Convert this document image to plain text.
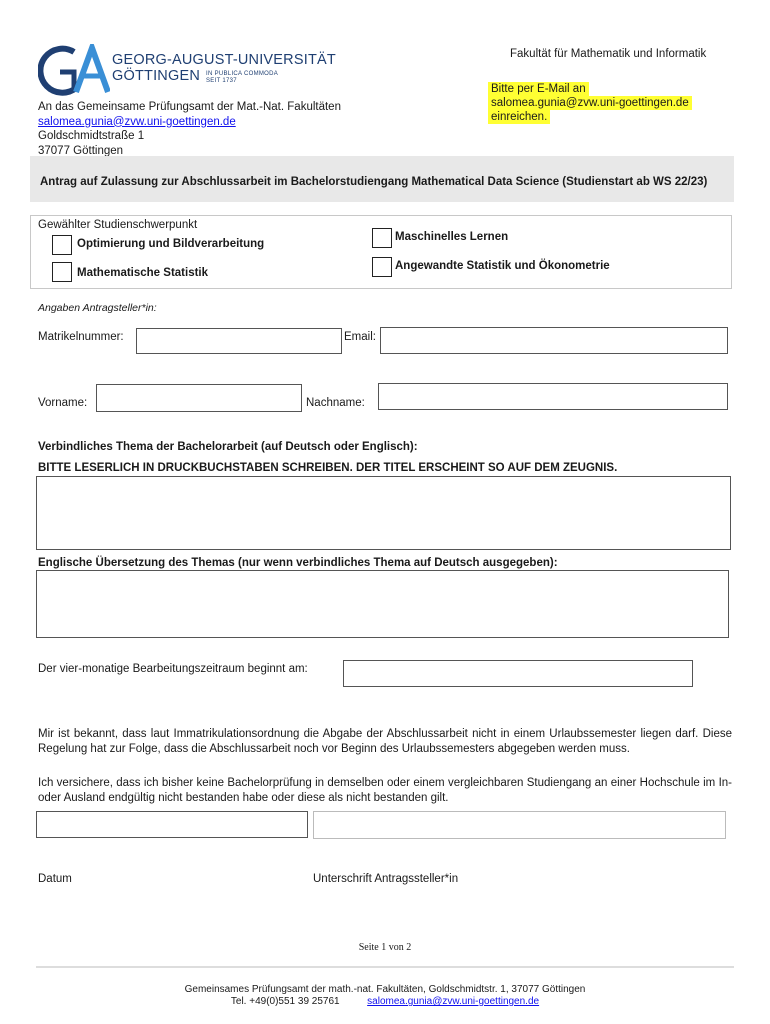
GEORG-AUGUST-UNIVERSITÄT
GÖTTINGEN	IN PUBLICA COMMODA
SEIT 1737
Fakultät für Mathematik und Informatik
Bitte per E-Mail an
salomea.gunia@zvw.uni-goettingen.de
einreichen.
An das Gemeinsame Prüfungsamt der Mat.-Nat. Fakultäten
salomea.gunia@zvw.uni-goettingen.de
Goldschmidtstraße 1
37077 Göttingen
Antrag auf Zulassung zur Abschlussarbeit im Bachelorstudiengang Mathematical Data Science (Studienstart ab WS 22/23)
Gewählter Studienschwerpunkt
Optimierung und Bildverarbeitung
Mathematische Statistik
Maschinelles Lernen
Angewandte Statistik und Ökonometrie
Angaben Antragsteller*in:
Matrikelnummer:	Email:
Vorname:	Nachname:
Verbindliches Thema der Bachelorarbeit (auf Deutsch oder Englisch):
BITTE LESERLICH IN DRUCKBUCHSTABEN SCHREIBEN. DER TITEL ERSCHEINT SO AUF DEM ZEUGNIS.
Englische Übersetzung des Themas (nur wenn verbindliches Thema auf Deutsch ausgegeben):
Der vier-monatige Bearbeitungszeitraum beginnt am:
Mir ist bekannt, dass laut Immatrikulationsordnung die Abgabe der Abschlussarbeit nicht in einem Urlaubssemester liegen darf. Diese Regelung hat zur Folge, dass die Abschlussarbeit noch vor Beginn des Urlaubssemesters abgegeben werden muss.
Ich versichere, dass ich bisher keine Bachelorprüfung in demselben oder einem vergleichbaren Studiengang an einer Hochschule im In- oder Ausland endgültig nicht bestanden habe oder diese als nicht bestanden gilt.
Datum	Unterschrift Antragssteller*in
Seite 1 von 2
Gemeinsames Prüfungsamt der math.-nat. Fakultäten, Goldschmidtstr. 1, 37077 Göttingen
Tel. +49(0)551 39 25761	salomea.gunia@zvw.uni-goettingen.de
